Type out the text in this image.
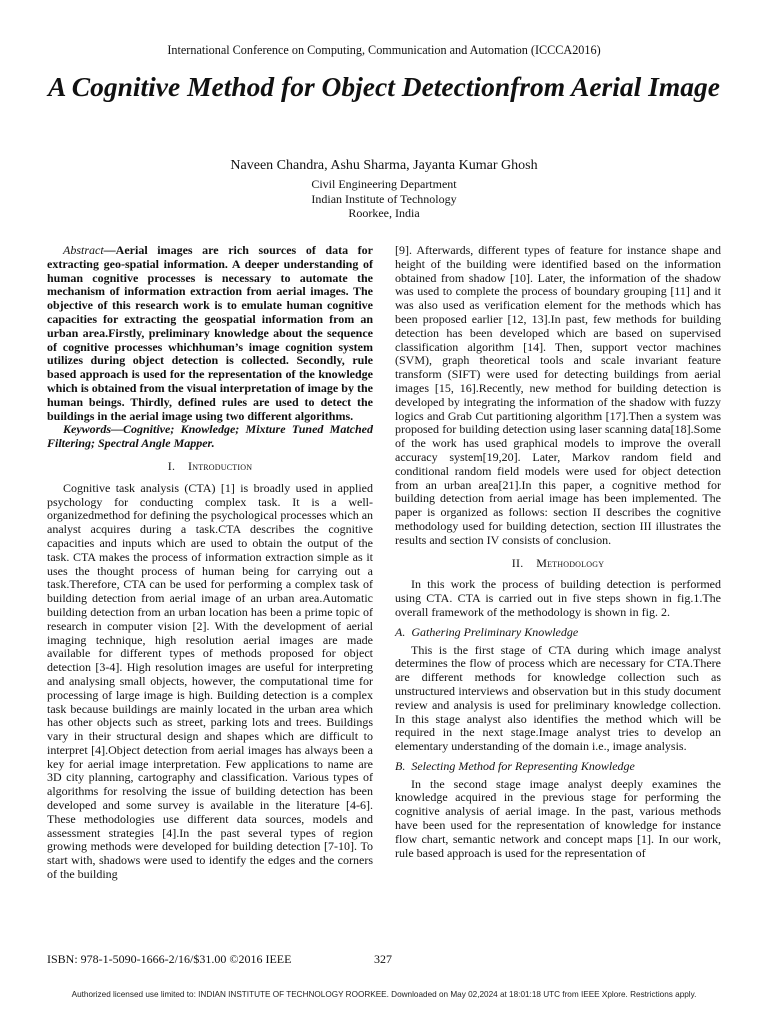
International Conference on Computing, Communication and Automation (ICCCA2016)
A Cognitive Method for Object Detectionfrom Aerial Image
Naveen Chandra, Ashu Sharma, Jayanta Kumar Ghosh
Civil Engineering Department
Indian Institute of Technology
Roorkee, India

Abstract—Aerial images are rich sources of data for extracting geo-spatial information. A deeper understanding of human cognitive processes is necessary to automate the mechanism of information extraction from aerial images. The objective of this research work is to emulate human cognitive capacities for extracting the geospatial information from an urban area.Firstly, preliminary knowledge about the sequence of cognitive processes whichhuman’s image cognition system utilizes during object detection is collected. Secondly, rule based approach is used for the representation of the knowledge which is obtained from the visual interpretation of image by the human beings. Thirdly, defined rules are used to detect the buildings in the aerial image using two different algorithms.

Keywords—Cognitive; Knowledge; Mixture Tuned Matched Filtering; Spectral Angle Mapper.

I. Introduction

Cognitive task analysis (CTA) [1] is broadly used in applied psychology for conducting complex task. It is a well-organizedmethod for defining the psychological processes which an analyst acquires during a task.CTA describes the cognitive capacities and inputs which are used to obtain the output of the task. CTA makes the process of information extraction simple as it uses the thought process of human being for carrying out a task.Therefore, CTA can be used for performing a complex task of building detection from aerial image of an urban area.Automatic building detection from an urban location has been a prime topic of research in computer vision [2]. With the development of aerial imaging technique, high resolution aerial images are made available for different types of methods proposed for object detection [3-4]. High resolution images are useful for interpreting and analysing small objects, however, the computational time for processing of large image is high. Building detection is a complex task because buildings are mainly located in the urban area which has other objects such as street, parking lots and trees. Buildings vary in their structural design and shapes which are difficult to interpret [4].Object detection from aerial images has always been a key for aerial image interpretation. Few applications to name are 3D city planning, cartography and classification. Various types of algorithms for resolving the issue of building detection has been developed and some survey is available in the literature [4-6]. These methodologies use different data sources, models and assessment strategies [4].In the past several types of region growing methods were developed for building detection [7-10]. To start with, shadows were used to identify the edges and the corners of the building

[9]. Afterwards, different types of feature for instance shape and height of the building were identified based on the information obtained from shadow [10]. Later, the information of the shadow was used to complete the process of boundary grouping [11] and it was also used as verification element for the methods which has been proposed earlier [12, 13].In past, few methods for building detection has been developed which are based on supervised classification algorithm [14]. Then, support vector machines (SVM), graph theoretical tools and scale invariant feature transform (SIFT) were used for detecting buildings from aerial images [15, 16].Recently, new method for building detection is developed by integrating the information of the shadow with fuzzy logics and Grab Cut partitioning algorithm [17].Then a system was proposed for building detection using laser scanning data[18].Some of the work has used graphical models to improve the overall accuracy system[19,20]. Later, Markov random field and conditional random field models were used for object detection from an urban area[21].In this paper, a cognitive method for building detection from aerial image has been implemented. The paper is organized as follows: section II describes the cognitive methodology used for building detection, section III illustrates the results and section IV consists of conclusion.

II. Methodology

In this work the process of building detection is performed using CTA. CTA is carried out in five steps shown in fig.1.The overall framework of the methodology is shown in fig. 2.

A. Gathering Preliminary Knowledge

This is the first stage of CTA during which image analyst determines the flow of process which are necessary for CTA.There are different methods for knowledge collection such as unstructured interviews and observation but in this study document review and analysis is used for preliminary knowledge collection. In this stage analyst also identifies the method which will be required in the next stage.Image analyst tries to develop an elementary understanding of the domain i.e., image analysis.

B. Selecting Method for Representing Knowledge

In the second stage image analyst deeply examines the knowledge acquired in the previous stage for performing the cognitive analysis of aerial image. In the past, various methods have been used for the representation of knowledge for instance flow chart, semantic network and concept maps [1]. In our work, rule based approach is used for the representation of

ISBN: 978-1-5090-1666-2/16/$31.00 ©2016 IEEE	327
Authorized licensed use limited to: INDIAN INSTITUTE OF TECHNOLOGY ROORKEE. Downloaded on May 02,2024 at 18:01:18 UTC from IEEE Xplore. Restrictions apply.
